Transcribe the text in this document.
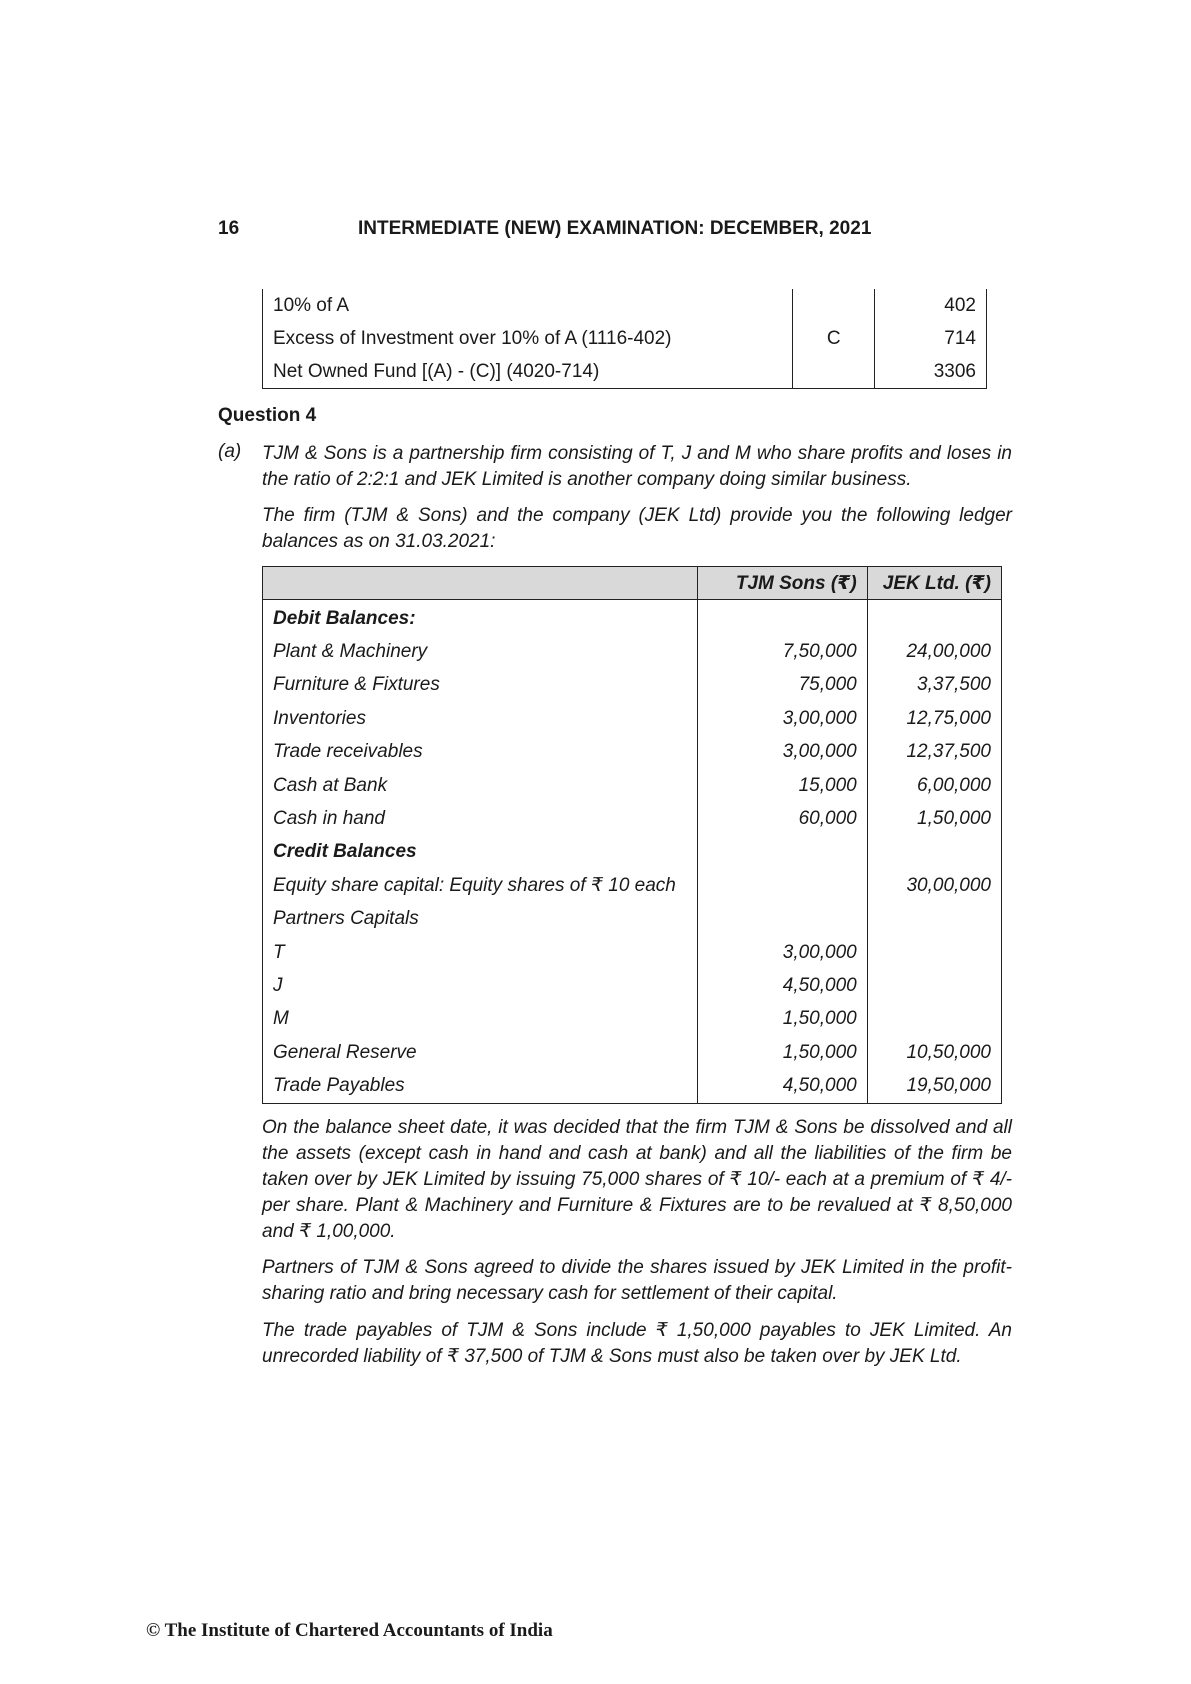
16	INTERMEDIATE (NEW) EXAMINATION: DECEMBER, 2021
10% of A		402
Excess of Investment over 10% of A (1116-402)	C	714
Net Owned Fund [(A) - (C)] (4020-714)		3306
Question 4
(a) TJM & Sons is a partnership firm consisting of T, J and M who share profits and loses in the ratio of 2:2:1 and JEK Limited is another company doing similar business.

The firm (TJM & Sons) and the company (JEK Ltd) provide you the following ledger balances as on 31.03.2021:

	TJM Sons (₹)	JEK Ltd. (₹)
Debit Balances:		
Plant & Machinery	7,50,000	24,00,000
Furniture & Fixtures	75,000	3,37,500
Inventories	3,00,000	12,75,000
Trade receivables	3,00,000	12,37,500
Cash at Bank	15,000	6,00,000
Cash in hand	60,000	1,50,000
Credit Balances		
Equity share capital: Equity shares of ₹ 10 each		30,00,000
Partners Capitals		
T	3,00,000	
J	4,50,000	
M	1,50,000	
General Reserve	1,50,000	10,50,000
Trade Payables	4,50,000	19,50,000

On the balance sheet date, it was decided that the firm TJM & Sons be dissolved and all the assets (except cash in hand and cash at bank) and all the liabilities of the firm be taken over by JEK Limited by issuing 75,000 shares of ₹ 10/- each at a premium of ₹ 4/- per share. Plant & Machinery and Furniture & Fixtures are to be revalued at ₹ 8,50,000 and ₹ 1,00,000.

Partners of TJM & Sons agreed to divide the shares issued by JEK Limited in the profit-sharing ratio and bring necessary cash for settlement of their capital.

The trade payables of TJM & Sons include ₹ 1,50,000 payables to JEK Limited. An unrecorded liability of ₹ 37,500 of TJM & Sons must also be taken over by JEK Ltd.

© The Institute of Chartered Accountants of India
